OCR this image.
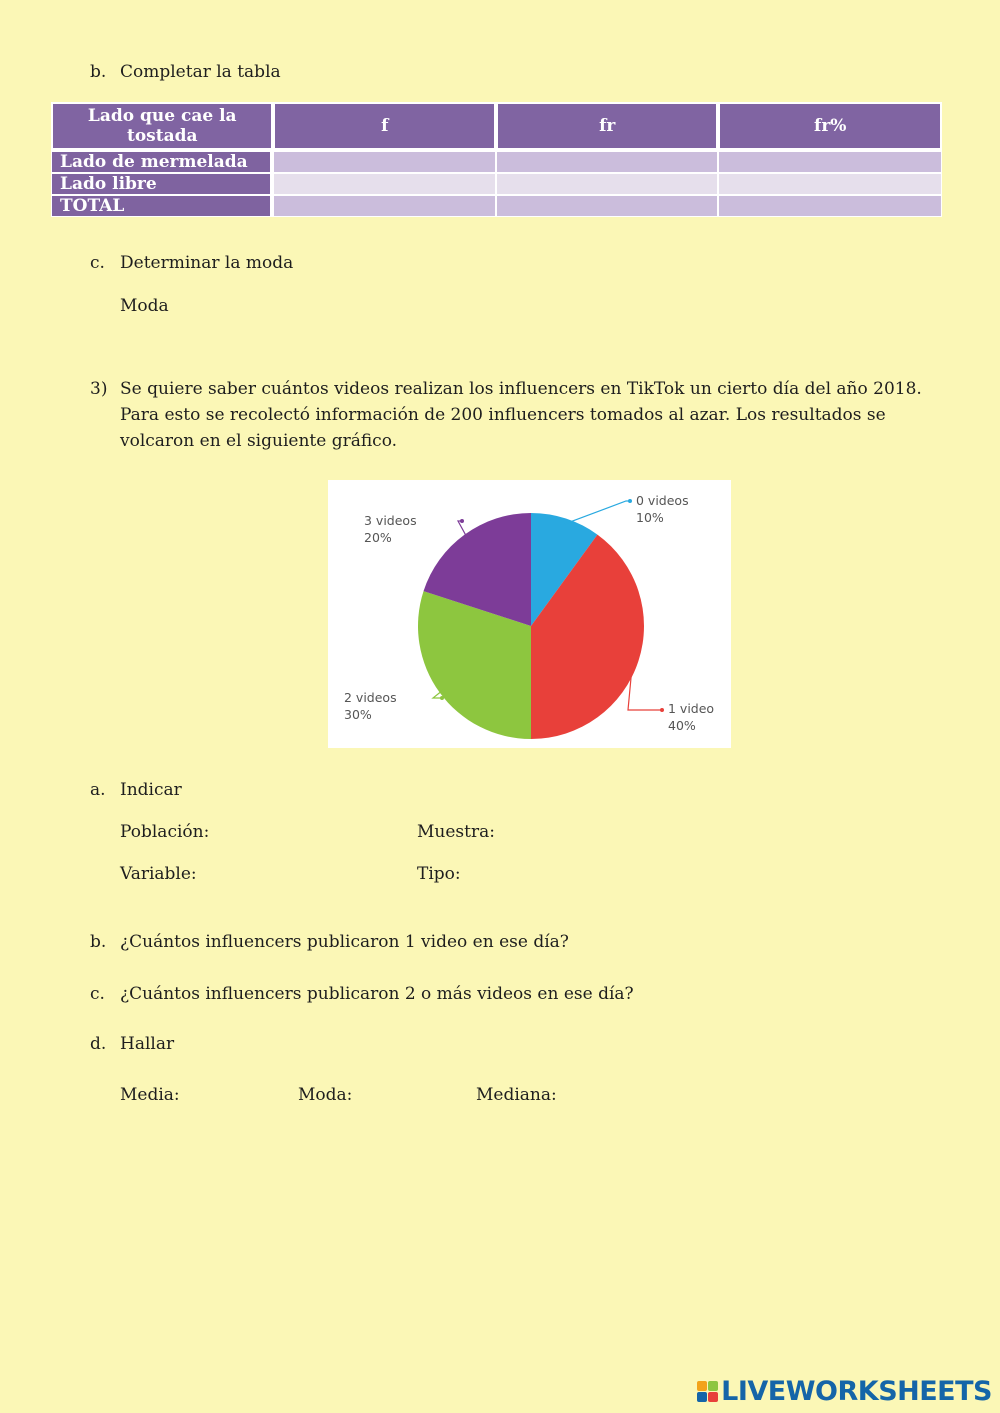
b. Completar la tabla
Lado que cae la tostada	f	fr	fr%
Lado de mermelada			
Lado libre			
TOTAL			
c. Determinar la moda
Moda
3) Se quiere saber cuántos videos realizan los influencers en TikTok un cierto día del año 2018.
Para esto se recolectó información de 200 influencers tomados al azar. Los resultados se
volcaron en el siguiente gráfico.
0 videos
10%
1 video
40%
2 videos
30%
3 videos
20%
a. Indicar
Población:	Muestra:
Variable:	Tipo:
b. ¿Cuántos influencers publicaron 1 video en ese día?
c. ¿Cuántos influencers publicaron 2 o más videos en ese día?
d. Hallar
Media:	Moda:	Mediana:
LIVEWORKSHEETS
